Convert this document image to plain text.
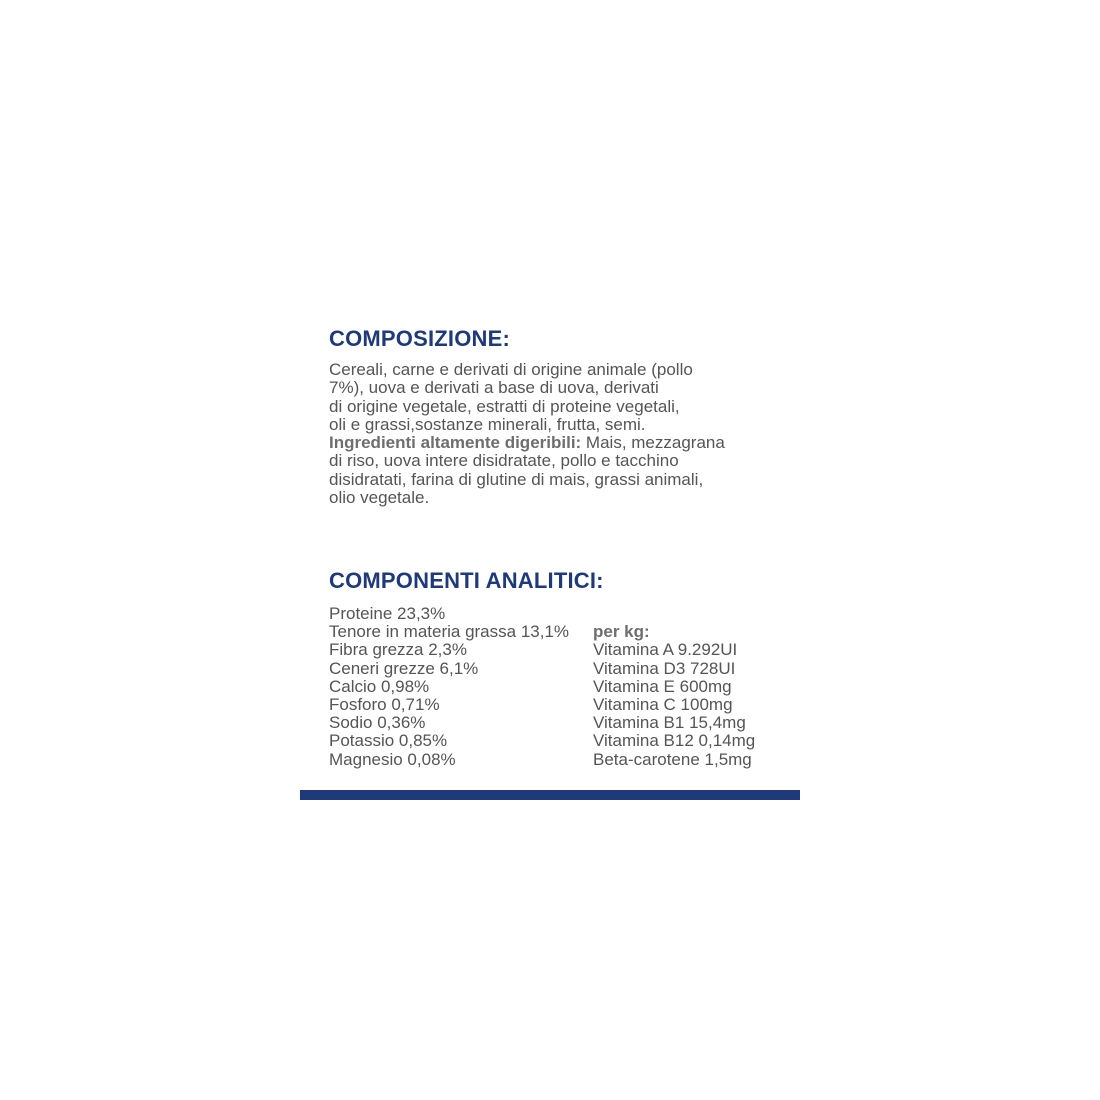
COMPOSIZIONE:
Cereali, carne e derivati di origine animale (pollo
7%), uova e derivati a base di uova, derivati
di origine vegetale, estratti di proteine vegetali,
oli e grassi,sostanze minerali, frutta, semi.
Ingredienti altamente digeribili: Mais, mezzagrana
di riso, uova intere disidratate, pollo e tacchino
disidratati, farina di glutine di mais, grassi animali,
olio vegetale.
COMPONENTI ANALITICI:
Proteine 23,3%
Tenore in materia grassa 13,1%
Fibra grezza 2,3%
Ceneri grezze 6,1%
Calcio 0,98%
Fosforo 0,71%
Sodio 0,36%
Potassio 0,85%
Magnesio 0,08%
per kg:
Vitamina A 9.292UI
Vitamina D3 728UI
Vitamina E 600mg
Vitamina C 100mg
Vitamina B1 15,4mg
Vitamina B12 0,14mg
Beta-carotene 1,5mg
